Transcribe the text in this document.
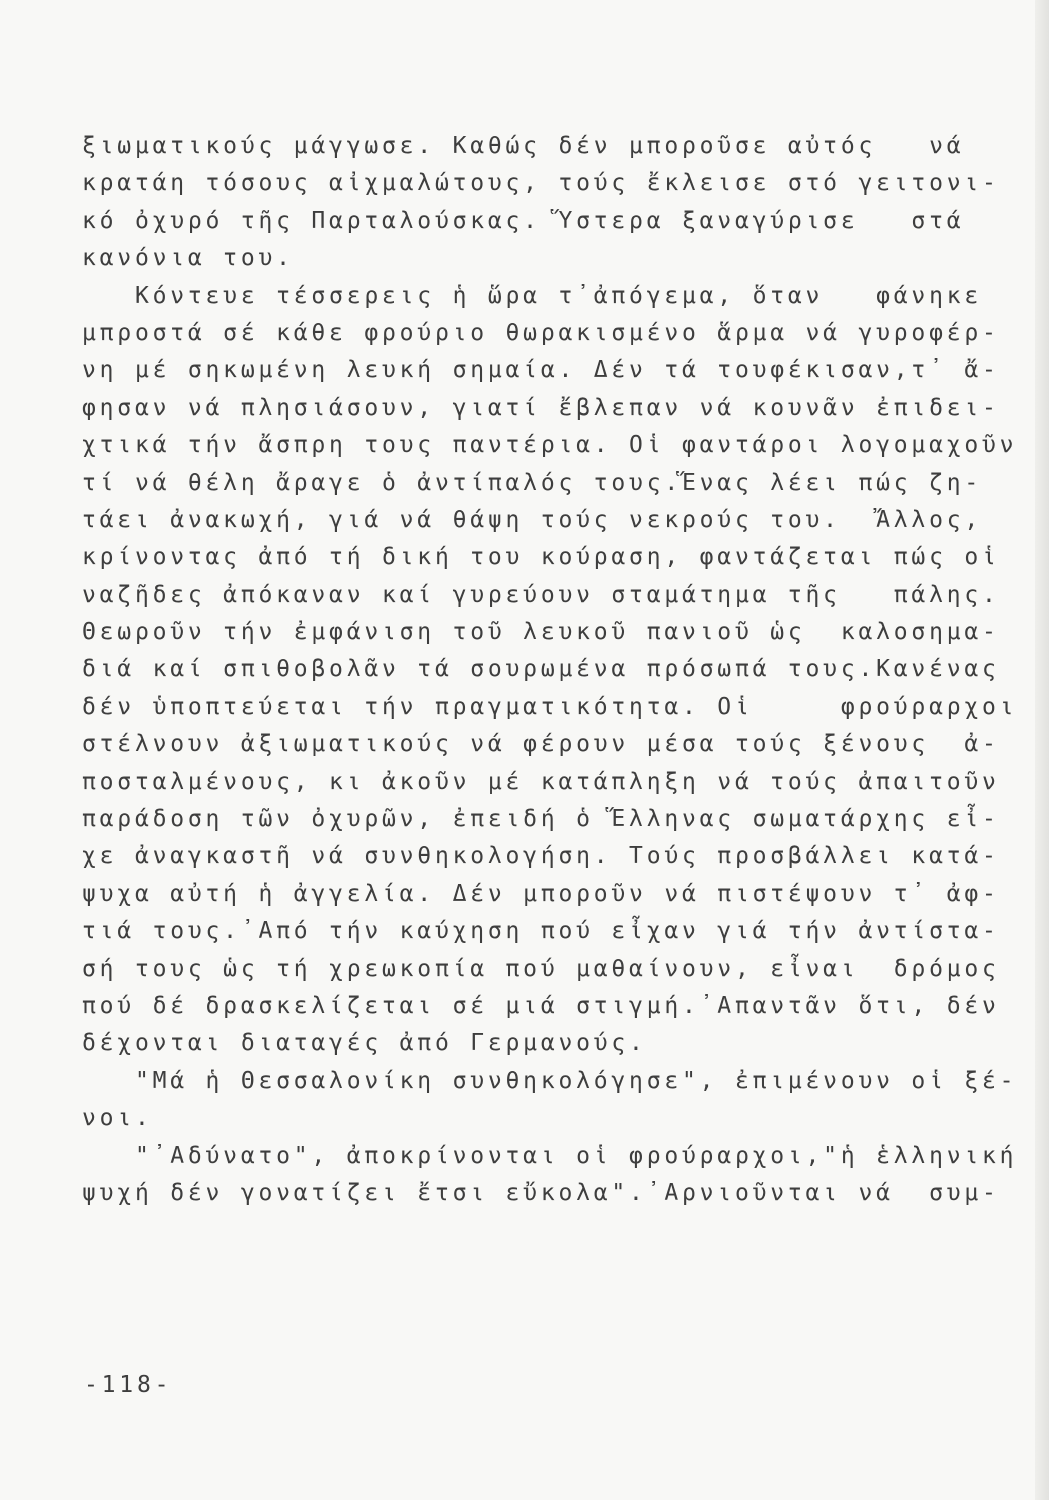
ξιωματικούς μάγγωσε. Καθώς δέν μποροῦσε αὐτός   νά
κρατάη τόσους αἰχμαλώτους, τούς ἔκλεισε στό γειτονι-
κό ὀχυρό τῆς Παρταλούσκας. Ὕστερα ξαναγύρισε   στά
κανόνια του.
Κόντευε τέσσερεις ἡ ὥρα τ᾽ἀπόγεμα, ὅταν   φάνηκε
μπροστά σέ κάθε φρούριο θωρακισμένο ἅρμα νά γυροφέρ-
νη μέ σηκωμένη λευκή σημαία. Δέν τά τουφέκισαν,τ᾽ ἄ-
φησαν νά πλησιάσουν, γιατί ἔβλεπαν νά κουνᾶν ἐπιδει-
χτικά τήν ἄσπρη τους παντέρια. Οἱ φαντάροι λογομαχοῦν
τί νά θέλη ἄραγε ὁ ἀντίπαλός τους.Ἕνας λέει πώς ζη-
τάει ἀνακωχή, γιά νά θάψη τούς νεκρούς του.  Ἄλλος,
κρίνοντας ἀπό τή δική του κούραση, φαντάζεται πώς οἱ
ναζῆδες ἀπόκαναν καί γυρεύουν σταμάτημα τῆς   πάλης.
Θεωροῦν τήν ἐμφάνιση τοῦ λευκοῦ πανιοῦ ὡς  καλοσημα-
διά καί σπιθοβολᾶν τά σουρωμένα πρόσωπά τους.Κανένας
δέν ὑποπτεύεται τήν πραγματικότητα. Οἱ     φρούραρχοι
στέλνουν ἀξιωματικούς νά φέρουν μέσα τούς ξένους  ἀ-
ποσταλμένους, κι ἀκοῦν μέ κατάπληξη νά τούς ἀπαιτοῦν
παράδοση τῶν ὀχυρῶν, ἐπειδή ὁ Ἕλληνας σωματάρχης εἶ-
χε ἀναγκαστῆ νά συνθηκολογήση. Τούς προσβάλλει κατά-
ψυχα αὐτή ἡ ἀγγελία. Δέν μποροῦν νά πιστέψουν τ᾽ ἀφ-
τιά τους.᾽Από τήν καύχηση πού εἶχαν γιά τήν ἀντίστα-
σή τους ὡς τή χρεωκοπία πού μαθαίνουν, εἶναι  δρόμος
πού δέ δρασκελίζεται σέ μιά στιγμή.᾽Απαντᾶν ὅτι, δέν
δέχονται διαταγές ἀπό Γερμανούς.
"Μά ἡ Θεσσαλονίκη συνθηκολόγησε", ἐπιμένουν οἱ ξέ-
νοι.
"᾽Αδύνατο", ἀποκρίνονται οἱ φρούραρχοι,"ἡ ἑλληνική
ψυχή δέν γονατίζει ἔτσι εὔκολα".᾽Αρνιοῦνται νά  συμ-
-118-
